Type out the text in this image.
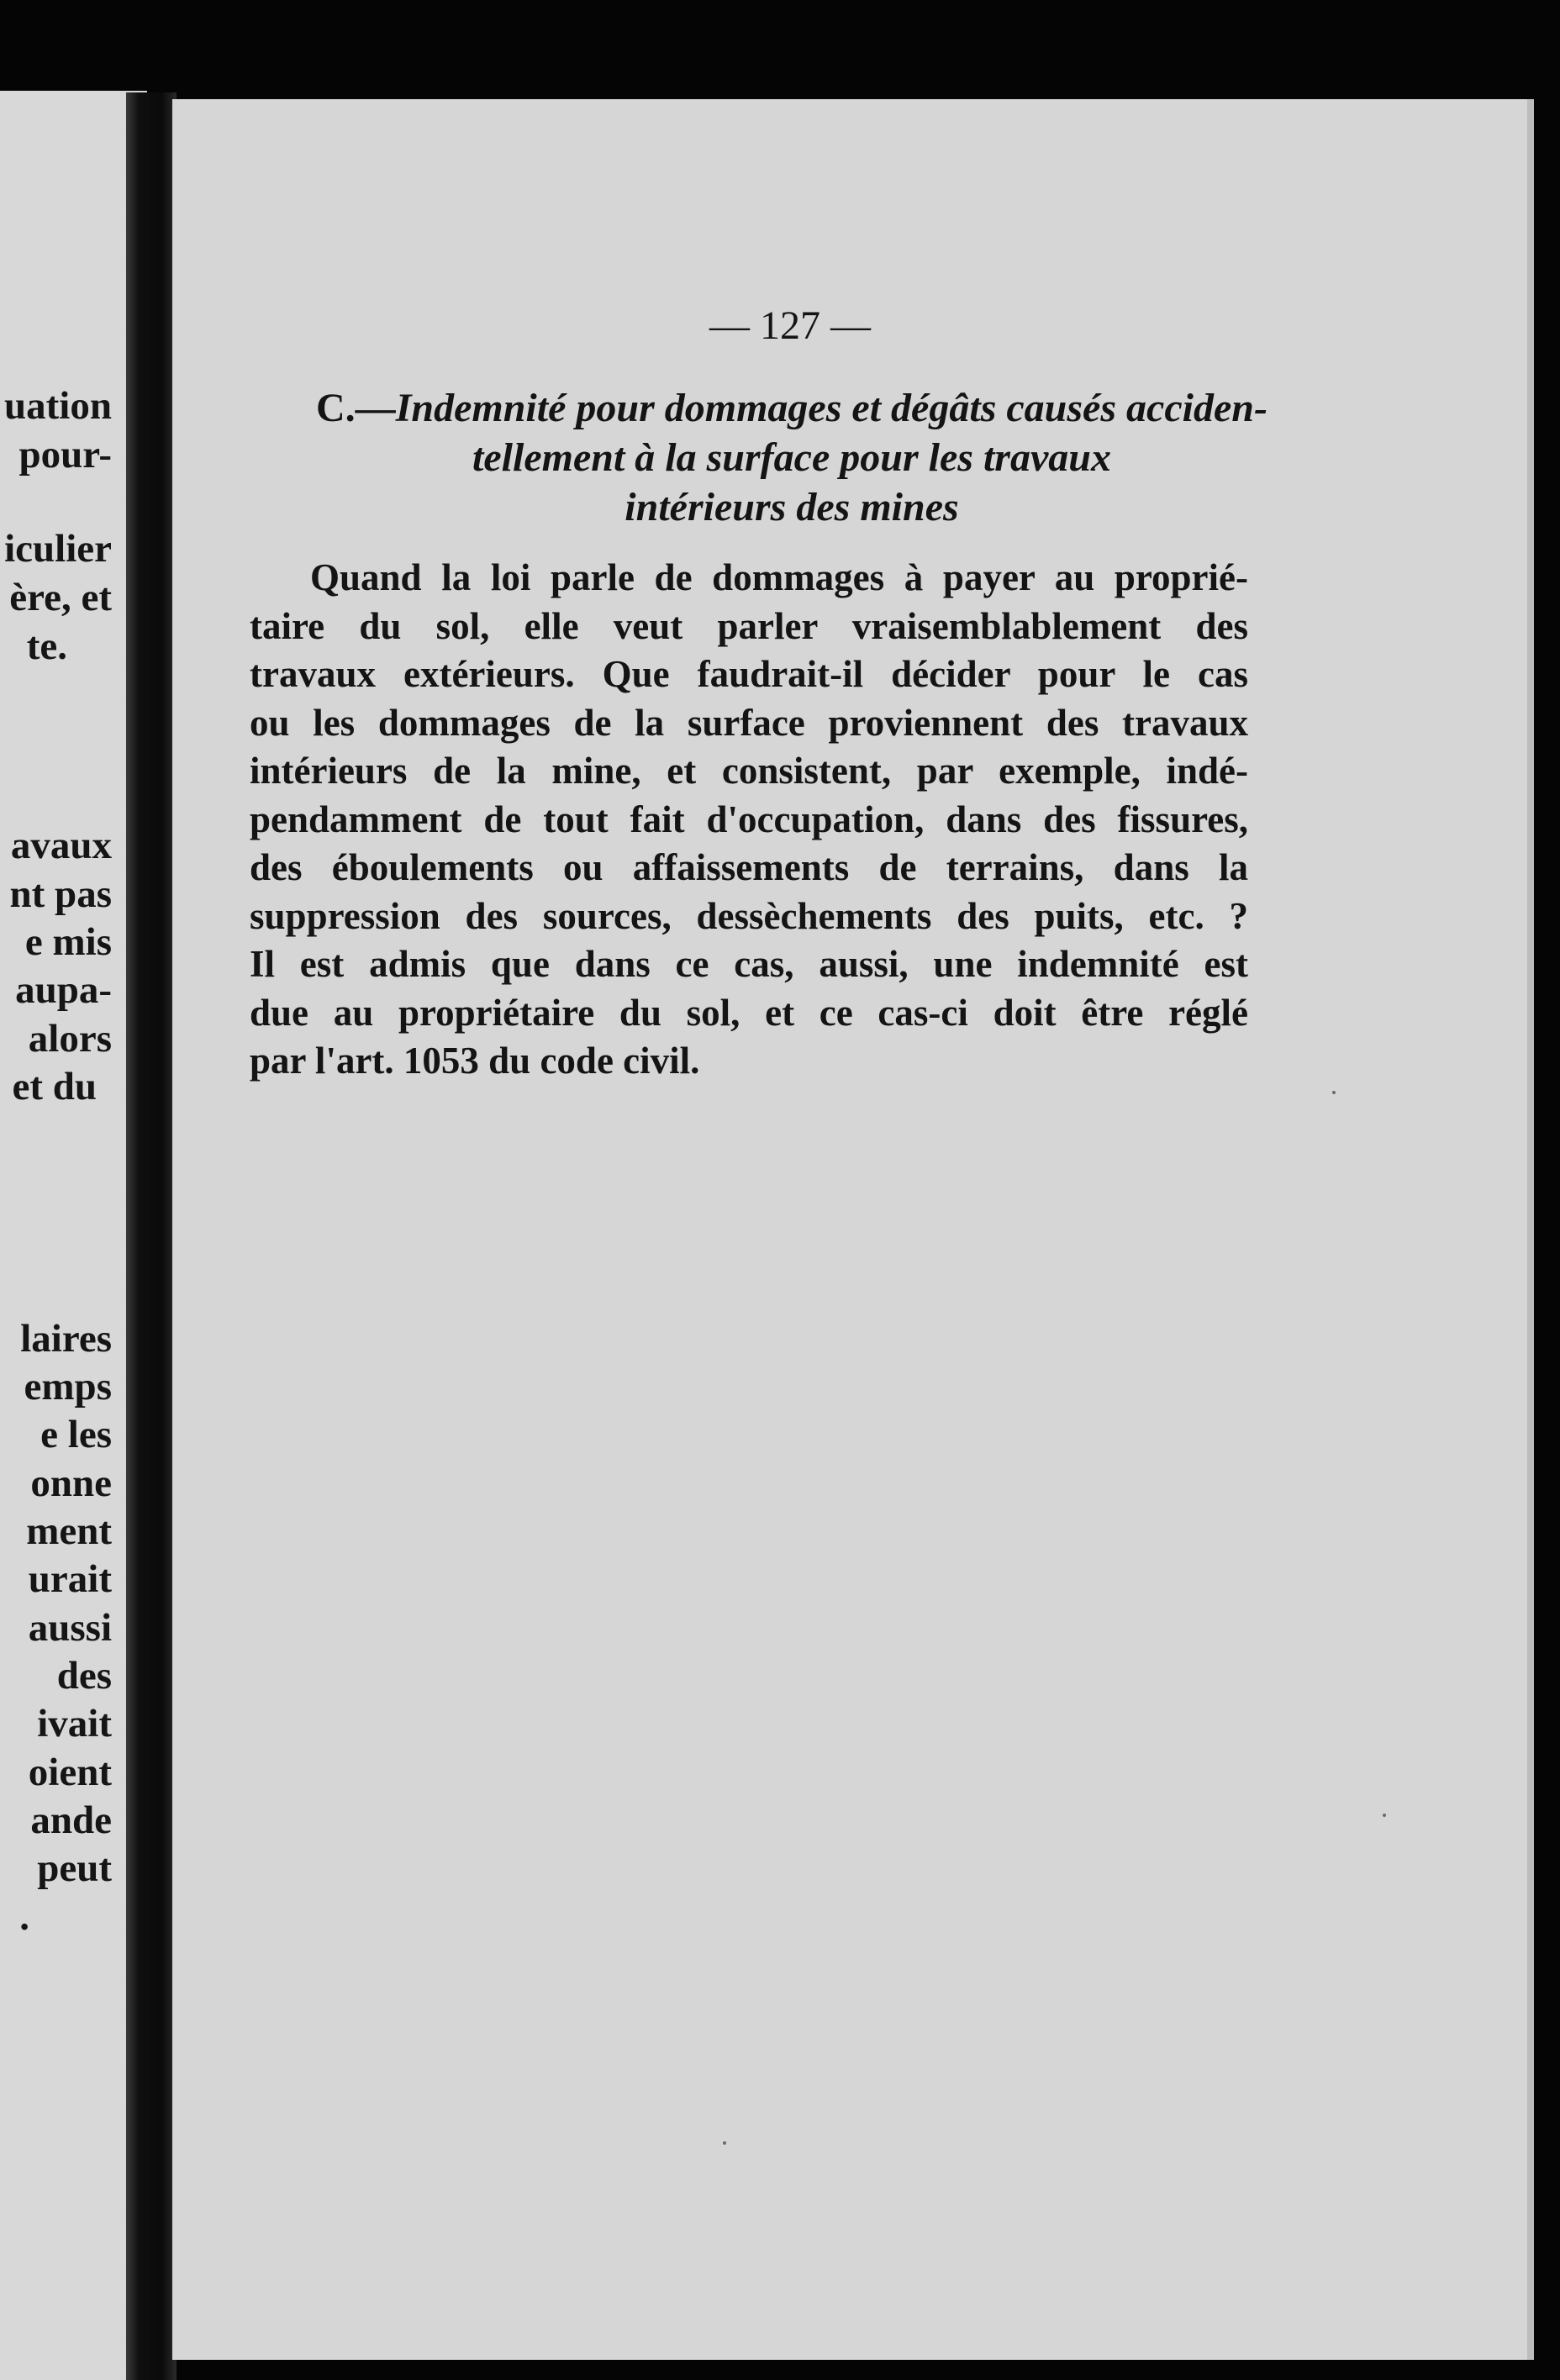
uation
pour-
iculier
ère, et
te.
avaux
nt pas
e mis
aupa-
alors
et du
laires
emps
e les
onne
ment
urait
aussi
des
ivait
oient
ande
peut
.
— 127 —
C.—Indemnité pour dommages et dégâts causés acciden-
tellement à la surface pour les travaux
intérieurs des mines
Quand la loi parle de dommages à payer au proprié-
taire du sol, elle veut parler vraisemblablement des
travaux extérieurs. Que faudrait-il décider pour le cas
ou les dommages de la surface proviennent des travaux
intérieurs de la mine, et consistent, par exemple, indé-
pendamment de tout fait d'occupation, dans des fissures,
des éboulements ou affaissements de terrains, dans la
suppression des sources, dessèchements des puits, etc. ?
Il est admis que dans ce cas, aussi, une indemnité est
due au propriétaire du sol, et ce cas-ci doit être réglé
par l'art. 1053 du code civil.
